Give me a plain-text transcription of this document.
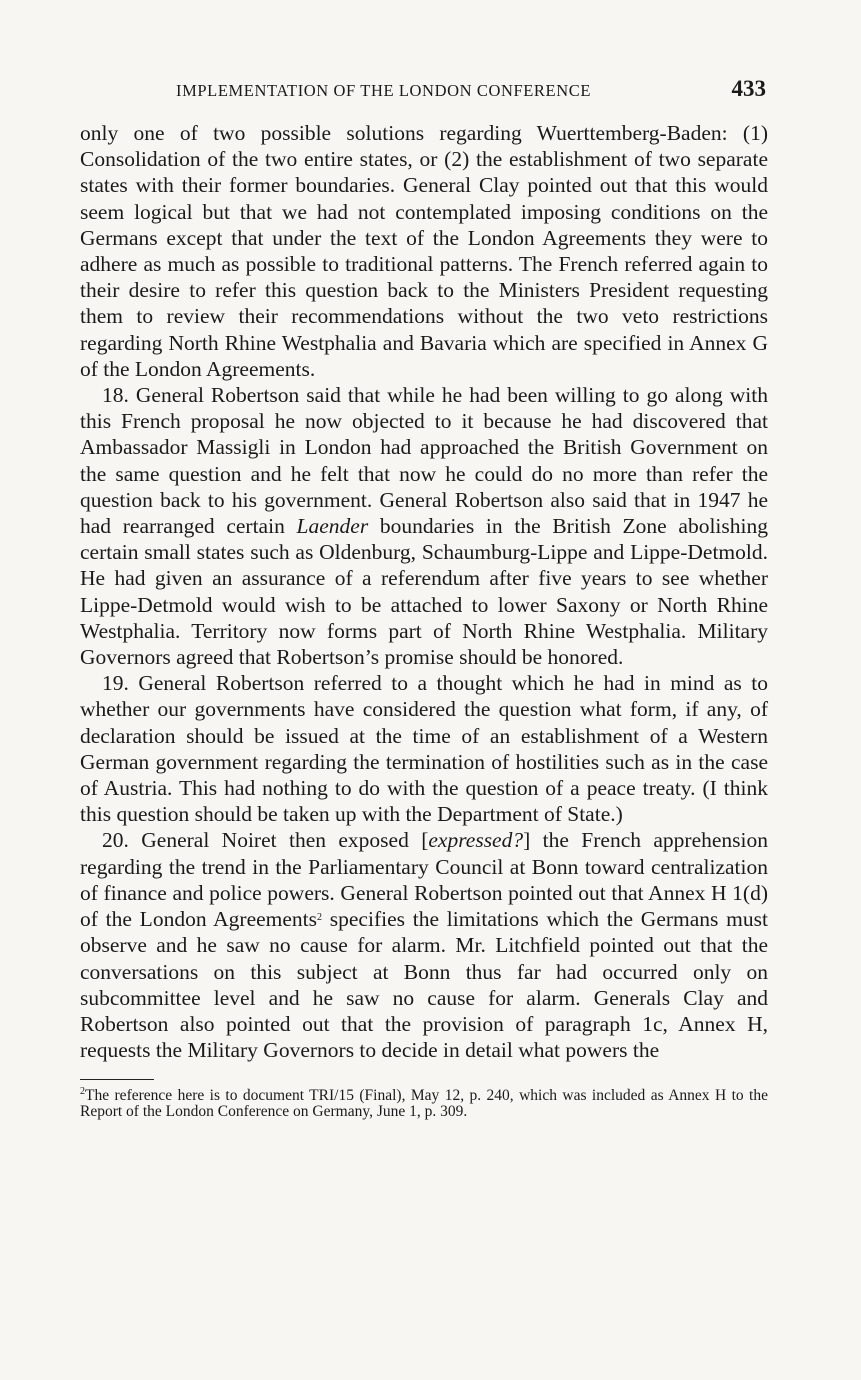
IMPLEMENTATION OF THE LONDON CONFERENCE	433

only one of two possible solutions regarding Wuerttemberg-Baden: (1) Consolidation of the two entire states, or (2) the establishment of two separate states with their former boundaries. General Clay pointed out that this would seem logical but that we had not contemplated imposing conditions on the Germans except that under the text of the London Agreements they were to adhere as much as possible to traditional patterns. The French referred again to their desire to refer this question back to the Ministers President requesting them to review their recommendations without the two veto restrictions regarding North Rhine Westphalia and Bavaria which are specified in Annex G of the London Agreements.

18. General Robertson said that while he had been willing to go along with this French proposal he now objected to it because he had discovered that Ambassador Massigli in London had approached the British Government on the same question and he felt that now he could do no more than refer the question back to his government. General Robertson also said that in 1947 he had rearranged certain Laender boundaries in the British Zone abolishing certain small states such as Oldenburg, Schaumburg-Lippe and Lippe-Detmold. He had given an assurance of a referendum after five years to see whether Lippe-Detmold would wish to be attached to lower Saxony or North Rhine Westphalia. Territory now forms part of North Rhine Westphalia. Military Governors agreed that Robertson’s promise should be honored.

19. General Robertson referred to a thought which he had in mind as to whether our governments have considered the question what form, if any, of declaration should be issued at the time of an establishment of a Western German government regarding the termination of hostilities such as in the case of Austria. This had nothing to do with the question of a peace treaty. (I think this question should be taken up with the Department of State.)

20. General Noiret then exposed [expressed?] the French apprehension regarding the trend in the Parliamentary Council at Bonn toward centralization of finance and police powers. General Robertson pointed out that Annex H 1(d) of the London Agreements$^2$ specifies the limitations which the Germans must observe and he saw no cause for alarm. Mr. Litchfield pointed out that the conversations on this subject at Bonn thus far had occurred only on subcommittee level and he saw no cause for alarm. Generals Clay and Robertson also pointed out that the provision of paragraph 1c, Annex H, requests the Military Governors to decide in detail what powers the

$^2$The reference here is to document TRI/15 (Final), May 12, p. 240, which was included as Annex H to the Report of the London Conference on Germany, June 1, p. 309.
